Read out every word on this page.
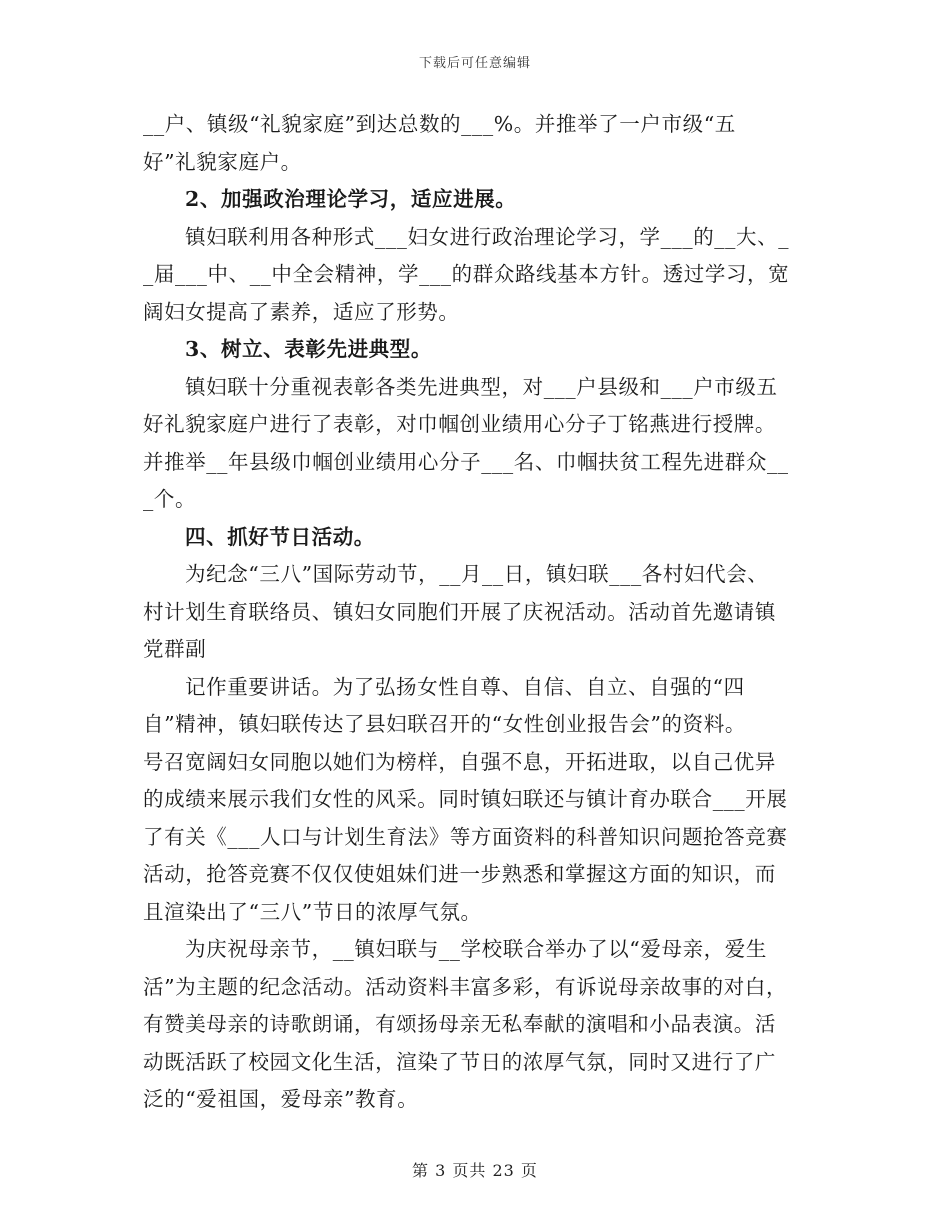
下载后可任意编辑
__户、镇级“礼貌家庭”到达总数的___%。并推举了一户市级“五
好”礼貌家庭户。
2、加强政治理论学习，适应进展。
镇妇联利用各种形式___妇女进行政治理论学习，学___的__大、_
_届___中、__中全会精神，学___的群众路线基本方针。透过学习，宽
阔妇女提高了素养，适应了形势。
3、树立、表彰先进典型。
镇妇联十分重视表彰各类先进典型，对___户县级和___户市级五
好礼貌家庭户进行了表彰，对巾帼创业绩用心分子丁铭燕进行授牌。
并推举__年县级巾帼创业绩用心分子___名、巾帼扶贫工程先进群众__
_个。
四、抓好节日活动。
为纪念“三八”国际劳动节，__月__日，镇妇联___各村妇代会、
村计划生育联络员、镇妇女同胞们开展了庆祝活动。活动首先邀请镇
党群副
记作重要讲话。为了弘扬女性自尊、自信、自立、自强的“四
自”精神，镇妇联传达了县妇联召开的“女性创业报告会”的资料。
号召宽阔妇女同胞以她们为榜样，自强不息，开拓进取，以自己优异
的成绩来展示我们女性的风采。同时镇妇联还与镇计育办联合___开展
了有关《___人口与计划生育法》等方面资料的科普知识问题抢答竞赛
活动，抢答竞赛不仅仅使姐妹们进一步熟悉和掌握这方面的知识，而
且渲染出了“三八”节日的浓厚气氛。
为庆祝母亲节，__镇妇联与__学校联合举办了以“爱母亲，爱生
活”为主题的纪念活动。活动资料丰富多彩，有诉说母亲故事的对白，
有赞美母亲的诗歌朗诵，有颂扬母亲无私奉献的演唱和小品表演。活
动既活跃了校园文化生活，渲染了节日的浓厚气氛，同时又进行了广
泛的“爱祖国，爱母亲”教育。
第 3 页共 23 页
